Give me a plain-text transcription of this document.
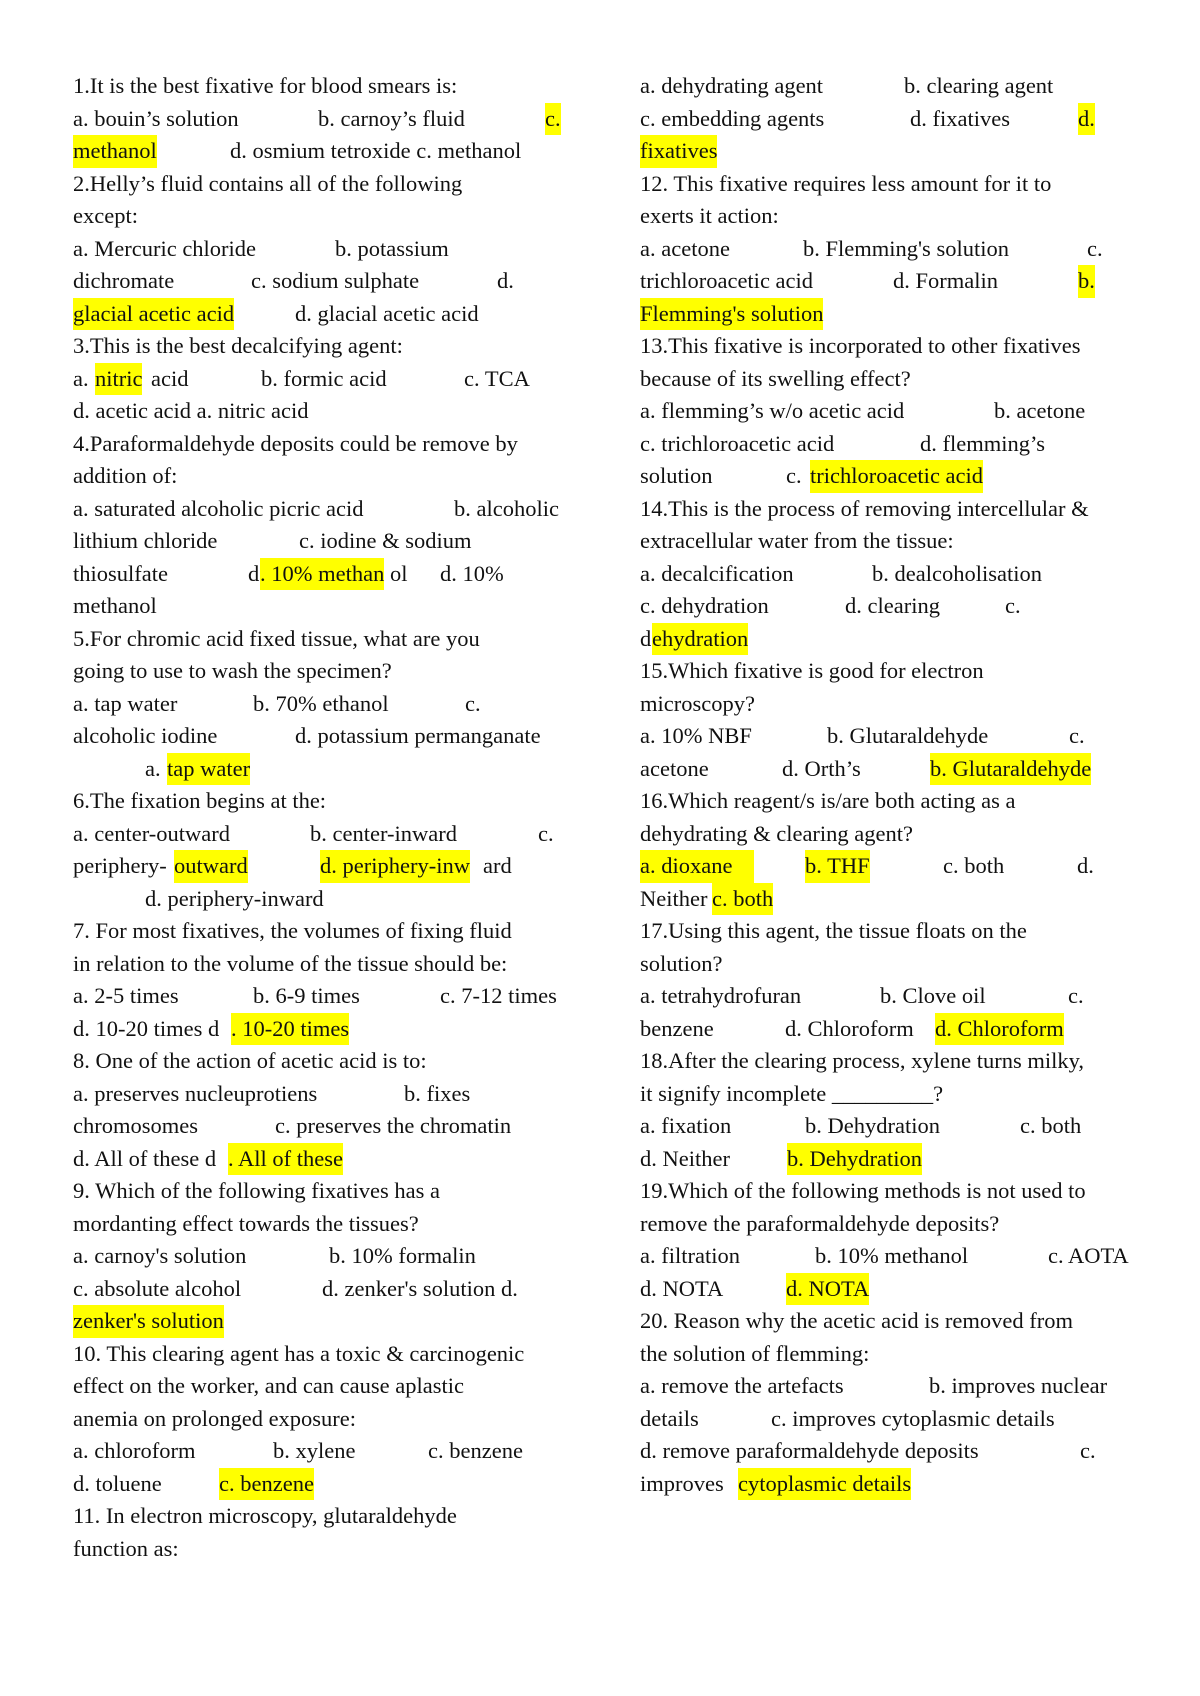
1.It is the best fixative for blood smears is:
a. bouin’s solution	b. carnoy’s fluid	c.
methanol	d. osmium tetroxide c. methanol
2.Helly’s fluid contains all of the following
except:
a. Mercuric chloride	b. potassium
dichromate	c. sodium sulphate	d.
glacial acetic acid	d. glacial acetic acid
3.This is the best decalcifying agent:
a. nitric acid	b. formic acid	c. TCA
d. acetic acid a. nitric acid
4.Paraformaldehyde deposits could be remove by
addition of:
a. saturated alcoholic picric acid	b. alcoholic
lithium chloride	c. iodine & sodium
thiosulfate	d . 10% methan ol d. 10%
methanol
5.For chromic acid fixed tissue, what are you
going to use to wash the specimen?
a. tap water	b. 70% ethanol	c.
alcoholic iodine	d. potassium permanganate
a. tap water
6.The fixation begins at the:
a. center-outward	b. center-inward	c.
periphery- outward	d. periphery-inw ard
d. periphery-inward
7. For most fixatives, the volumes of fixing fluid
in relation to the volume of the tissue should be:
a. 2-5 times	b. 6-9 times	c. 7-12 times
d. 10-20 times d . 10-20 times
8. One of the action of acetic acid is to:
a. preserves nucleuprotiens	b. fixes
chromosomes	c. preserves the chromatin
d. All of these d . All of these
9. Which of the following fixatives has a
mordanting effect towards the tissues?
a. carnoy's solution	b. 10% formalin
c. absolute alcohol	d. zenker's solution d.
zenker's solution
10. This clearing agent has a toxic & carcinogenic
effect on the worker, and can cause aplastic
anemia on prolonged exposure:
a. chloroform	b. xylene	c. benzene
d. toluene	c. benzene
11. In electron microscopy, glutaraldehyde
function as:
a. dehydrating agent	b. clearing agent
c. embedding agents	d. fixatives	d.
fixatives
12. This fixative requires less amount for it to
exerts it action:
a. acetone	b. Flemming's solution	c.
trichloroacetic acid	d. Formalin	b.
Flemming's solution
13.This fixative is incorporated to other fixatives
because of its swelling effect?
a. flemming’s w/o acetic acid	b. acetone
c. trichloroacetic acid	d. flemming’s
solution	c. trichloroacetic acid
14.This is the process of removing intercellular &
extracellular water from the tissue:
a. decalcification	b. dealcoholisation
c. dehydration	d. clearing	c.
d ehydration
15.Which fixative is good for electron
microscopy?
a. 10% NBF	b. Glutaraldehyde	c.
acetone	d. Orth’s	b. Glutaraldehyde
16.Which reagent/s is/are both acting as a
dehydrating & clearing agent?
a. dioxane	b. THF	c. both	d.
Neither c. both
17.Using this agent, the tissue floats on the
solution?
a. tetrahydrofuran	b. Clove oil	c.
benzene	d. Chloroform d. Chloroform
18.After the clearing process, xylene turns milky,
it signify incomplete _________?
a. fixation	b. Dehydration	c. both
d. Neither	b. Dehydration
19.Which of the following methods is not used to
remove the paraformaldehyde deposits?
a. filtration	b. 10% methanol	c. AOTA
d. NOTA	d. NOTA
20. Reason why the acetic acid is removed from
the solution of flemming:
a. remove the artefacts	b. improves nuclear
details	c. improves cytoplasmic details
d. remove paraformaldehyde deposits	c.
improves cytoplasmic details
